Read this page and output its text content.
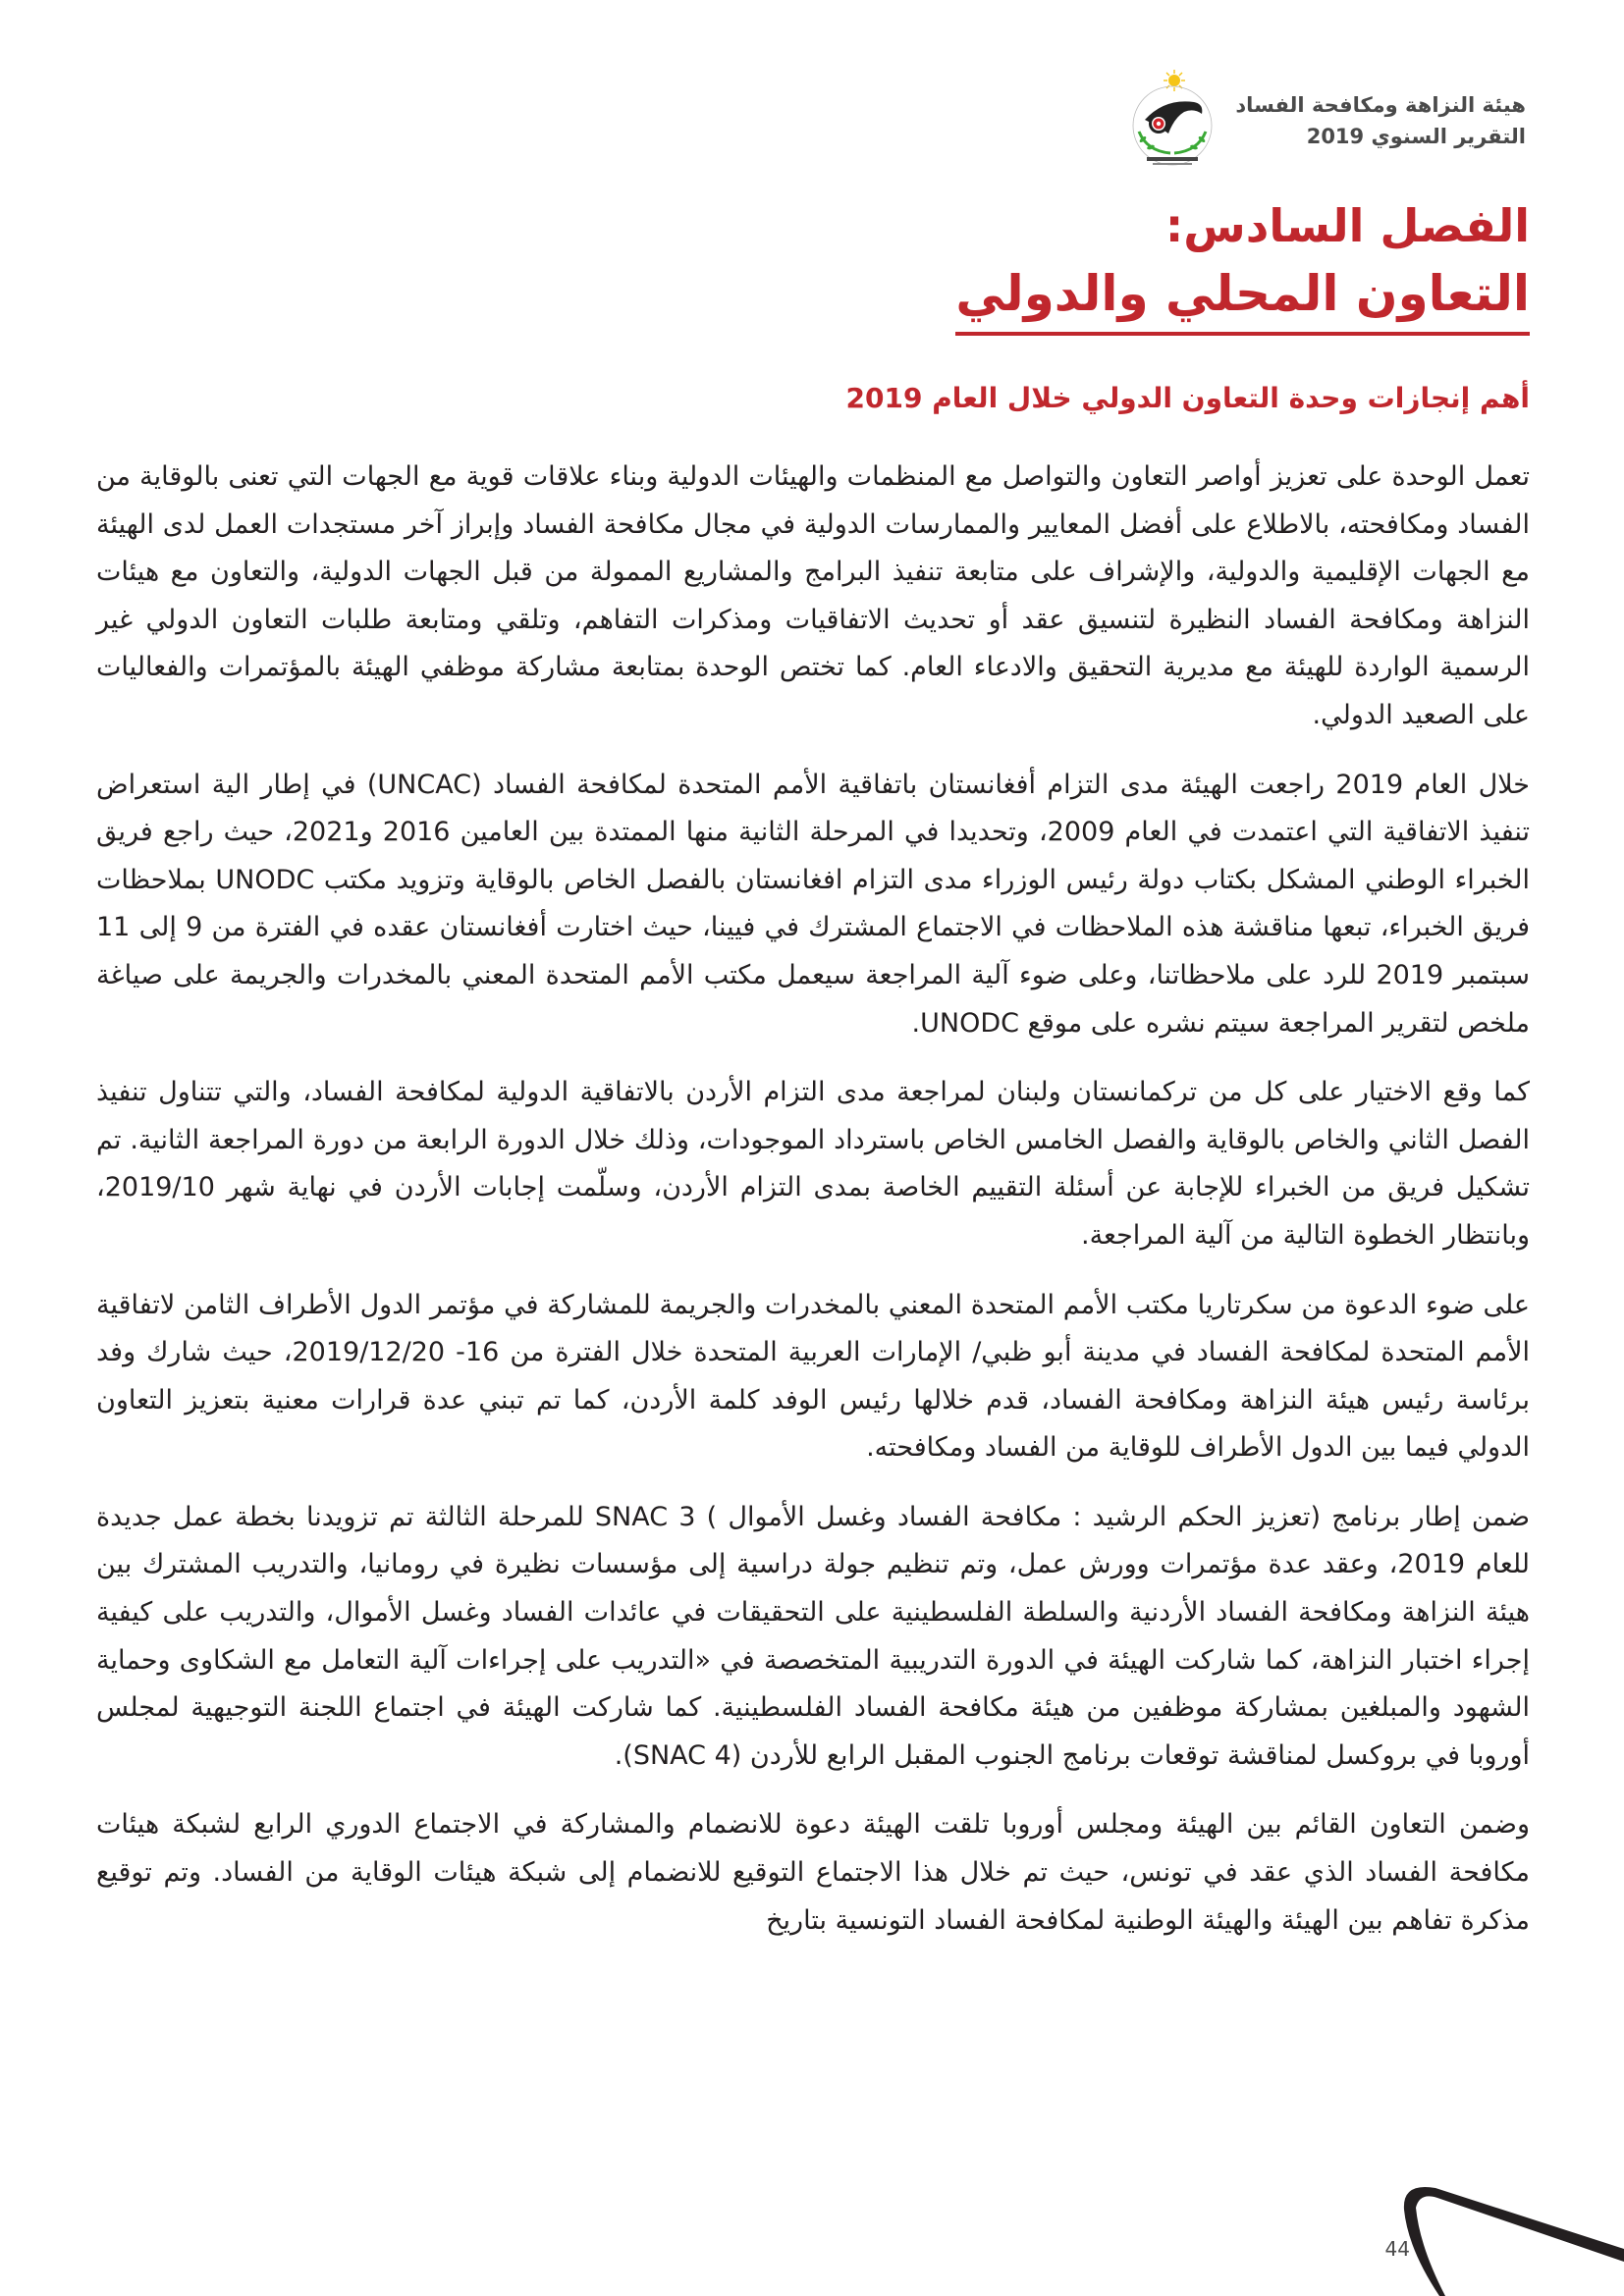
هيئة النزاهة ومكافحة الفساد
التقرير السنوي 2019
الفصل السادس:
التعاون المحلي والدولي
أهم إنجازات وحدة التعاون الدولي خلال العام 2019

تعمل الوحدة على تعزيز أواصر التعاون والتواصل مع المنظمات والهيئات الدولية وبناء علاقات قوية مع الجهات التي تعنى بالوقاية من الفساد ومكافحته، بالاطلاع على أفضل المعايير والممارسات الدولية في مجال مكافحة الفساد وإبراز آخر مستجدات العمل لدى الهيئة مع الجهات الإقليمية والدولية، والإشراف على متابعة تنفيذ البرامج والمشاريع الممولة من قبل الجهات الدولية، والتعاون مع هيئات النزاهة ومكافحة الفساد النظيرة لتنسيق عقد أو تحديث الاتفاقيات ومذكرات التفاهم، وتلقي ومتابعة طلبات التعاون الدولي غير الرسمية الواردة للهيئة مع مديرية التحقيق والادعاء العام. كما تختص الوحدة بمتابعة مشاركة موظفي الهيئة بالمؤتمرات والفعاليات على الصعيد الدولي.

خلال العام 2019 راجعت الهيئة مدى التزام أفغانستان باتفاقية الأمم المتحدة لمكافحة الفساد (UNCAC) في إطار الية استعراض تنفيذ الاتفاقية التي اعتمدت في العام 2009، وتحديدا في المرحلة الثانية منها الممتدة بين العامين 2016 و2021، حيث راجع فريق الخبراء الوطني المشكل بكتاب دولة رئيس الوزراء مدى التزام افغانستان بالفصل الخاص بالوقاية وتزويد مكتب UNODC بملاحظات فريق الخبراء، تبعها مناقشة هذه الملاحظات في الاجتماع المشترك في فيينا، حيث اختارت أفغانستان عقده في الفترة من 9 إلى 11 سبتمبر 2019 للرد على ملاحظاتنا، وعلى ضوء آلية المراجعة سيعمل مكتب الأمم المتحدة المعني بالمخدرات والجريمة على صياغة ملخص لتقرير المراجعة سيتم نشره على موقع UNODC.

كما وقع الاختيار على كل من تركمانستان ولبنان لمراجعة مدى التزام الأردن بالاتفاقية الدولية لمكافحة الفساد، والتي تتناول تنفيذ الفصل الثاني والخاص بالوقاية والفصل الخامس الخاص باسترداد الموجودات، وذلك خلال الدورة الرابعة من دورة المراجعة الثانية. تم تشكيل فريق من الخبراء للإجابة عن أسئلة التقييم الخاصة بمدى التزام الأردن، وسلّمت إجابات الأردن في نهاية شهر 2019/10، وبانتظار الخطوة التالية من آلية المراجعة.

على ضوء الدعوة من سكرتاريا مكتب الأمم المتحدة المعني بالمخدرات والجريمة للمشاركة في مؤتمر الدول الأطراف الثامن لاتفاقية الأمم المتحدة لمكافحة الفساد في مدينة أبو ظبي/ الإمارات العربية المتحدة خلال الفترة من 16- 2019/12/20، حيث شارك وفد برئاسة رئيس هيئة النزاهة ومكافحة الفساد، قدم خلالها رئيس الوفد كلمة الأردن، كما تم تبني عدة قرارات معنية بتعزيز التعاون الدولي فيما بين الدول الأطراف للوقاية من الفساد ومكافحته.

ضمن إطار برنامج (تعزيز الحكم الرشيد : مكافحة الفساد وغسل الأموال ) SNAC 3 للمرحلة الثالثة تم تزويدنا بخطة عمل جديدة للعام 2019، وعقد عدة مؤتمرات وورش عمل، وتم تنظيم جولة دراسية إلى مؤسسات نظيرة في رومانيا، والتدريب المشترك بين هيئة النزاهة ومكافحة الفساد الأردنية والسلطة الفلسطينية على التحقيقات في عائدات الفساد وغسل الأموال، والتدريب على كيفية إجراء اختبار النزاهة، كما شاركت الهيئة في الدورة التدريبية المتخصصة في «التدريب على إجراءات آلية التعامل مع الشكاوى وحماية الشهود والمبلغين بمشاركة موظفين من هيئة مكافحة الفساد الفلسطينية. كما شاركت الهيئة في اجتماع اللجنة التوجيهية لمجلس أوروبا في بروكسل لمناقشة توقعات برنامج الجنوب المقبل الرابع للأردن (SNAC 4).

وضمن التعاون القائم بين الهيئة ومجلس أوروبا تلقت الهيئة دعوة للانضمام والمشاركة في الاجتماع الدوري الرابع لشبكة هيئات مكافحة الفساد الذي عقد في تونس، حيث تم خلال هذا الاجتماع التوقيع للانضمام إلى شبكة هيئات الوقاية من الفساد. وتم توقيع مذكرة تفاهم بين الهيئة والهيئة الوطنية لمكافحة الفساد التونسية بتاريخ

44
